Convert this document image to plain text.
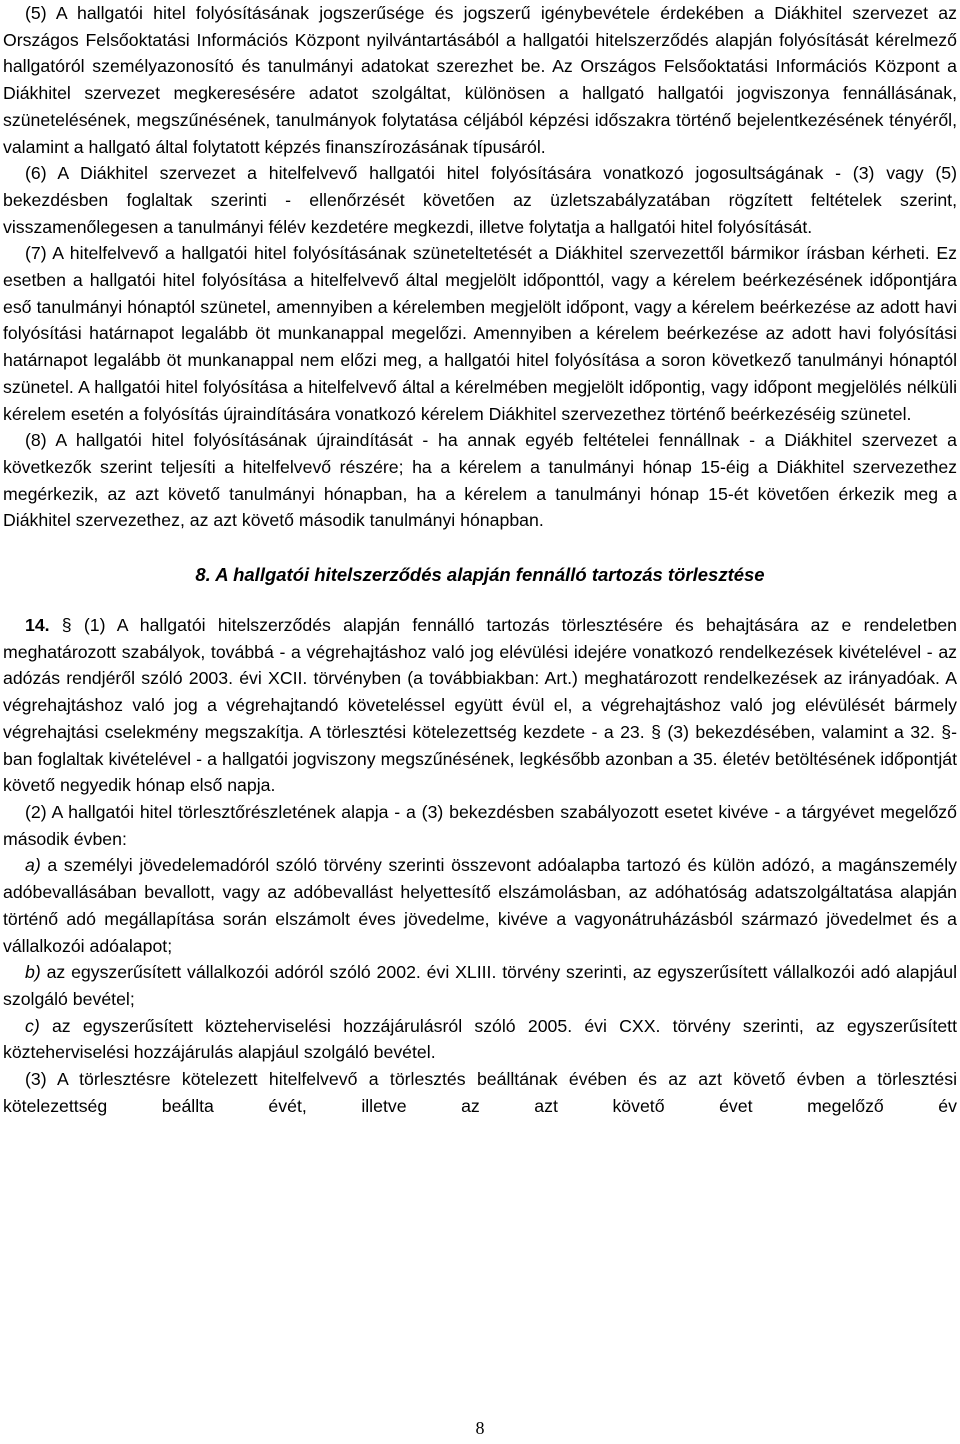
(5) A hallgatói hitel folyósításának jogszerűsége és jogszerű igénybevétele érdekében a Diákhitel szervezet az Országos Felsőoktatási Információs Központ nyilvántartásából a hallgatói hitelszerződés alapján folyósítását kérelmező hallgatóról személyazonosító és tanulmányi adatokat szerezhet be. Az Országos Felsőoktatási Információs Központ a Diákhitel szervezet megkeresésére adatot szolgáltat, különösen a hallgató hallgatói jogviszonya fennállásának, szünetelésének, megszűnésének, tanulmányok folytatása céljából képzési időszakra történő bejelentkezésének tényéről, valamint a hallgató által folytatott képzés finanszírozásának típusáról.

(6) A Diákhitel szervezet a hitelfelvevő hallgatói hitel folyósítására vonatkozó jogosultságának - (3) vagy (5) bekezdésben foglaltak szerinti - ellenőrzését követően az üzletszabályzatában rögzített feltételek szerint, visszamenőlegesen a tanulmányi félév kezdetére megkezdi, illetve folytatja a hallgatói hitel folyósítását.

(7) A hitelfelvevő a hallgatói hitel folyósításának szüneteltetését a Diákhitel szervezettől bármikor írásban kérheti. Ez esetben a hallgatói hitel folyósítása a hitelfelvevő által megjelölt időponttól, vagy a kérelem beérkezésének időpontjára eső tanulmányi hónaptól szünetel, amennyiben a kérelemben megjelölt időpont, vagy a kérelem beérkezése az adott havi folyósítási határnapot legalább öt munkanappal megelőzi. Amennyiben a kérelem beérkezése az adott havi folyósítási határnapot legalább öt munkanappal nem előzi meg, a hallgatói hitel folyósítása a soron következő tanulmányi hónaptól szünetel. A hallgatói hitel folyósítása a hitelfelvevő által a kérelmében megjelölt időpontig, vagy időpont megjelölés nélküli kérelem esetén a folyósítás újraindítására vonatkozó kérelem Diákhitel szervezethez történő beérkezéséig szünetel.

(8) A hallgatói hitel folyósításának újraindítását - ha annak egyéb feltételei fennállnak - a Diákhitel szervezet a következők szerint teljesíti a hitelfelvevő részére; ha a kérelem a tanulmányi hónap 15-éig a Diákhitel szervezethez megérkezik, az azt követő tanulmányi hónapban, ha a kérelem a tanulmányi hónap 15-ét követően érkezik meg a Diákhitel szervezethez, az azt követő második tanulmányi hónapban.

8. A hallgatói hitelszerződés alapján fennálló tartozás törlesztése

14. § (1) A hallgatói hitelszerződés alapján fennálló tartozás törlesztésére és behajtására az e rendeletben meghatározott szabályok, továbbá - a végrehajtáshoz való jog elévülési idejére vonatkozó rendelkezések kivételével - az adózás rendjéről szóló 2003. évi XCII. törvényben (a továbbiakban: Art.) meghatározott rendelkezések az irányadóak. A végrehajtáshoz való jog a végrehajtandó követeléssel együtt évül el, a végrehajtáshoz való jog elévülését bármely végrehajtási cselekmény megszakítja. A törlesztési kötelezettség kezdete - a 23. § (3) bekezdésében, valamint a 32. §-ban foglaltak kivételével - a hallgatói jogviszony megszűnésének, legkésőbb azonban a 35. életév betöltésének időpontját követő negyedik hónap első napja.

(2) A hallgatói hitel törlesztőrészletének alapja - a (3) bekezdésben szabályozott esetet kivéve - a tárgyévet megelőző második évben:

a) a személyi jövedelemadóról szóló törvény szerinti összevont adóalapba tartozó és külön adózó, a magánszemély adóbevallásában bevallott, vagy az adóbevallást helyettesítő elszámolásban, az adóhatóság adatszolgáltatása alapján történő adó megállapítása során elszámolt éves jövedelme, kivéve a vagyonátruházásból származó jövedelmet és a vállalkozói adóalapot;

b) az egyszerűsített vállalkozói adóról szóló 2002. évi XLIII. törvény szerinti, az egyszerűsített vállalkozói adó alapjául szolgáló bevétel;

c) az egyszerűsített közteherviselési hozzájárulásról szóló 2005. évi CXX. törvény szerinti, az egyszerűsített közteherviselési hozzájárulás alapjául szolgáló bevétel.

(3) A törlesztésre kötelezett hitelfelvevő a törlesztés beálltának évében és az azt követő évben a törlesztési kötelezettség beállta évét, illetve az azt követő évet megelőző év

8
